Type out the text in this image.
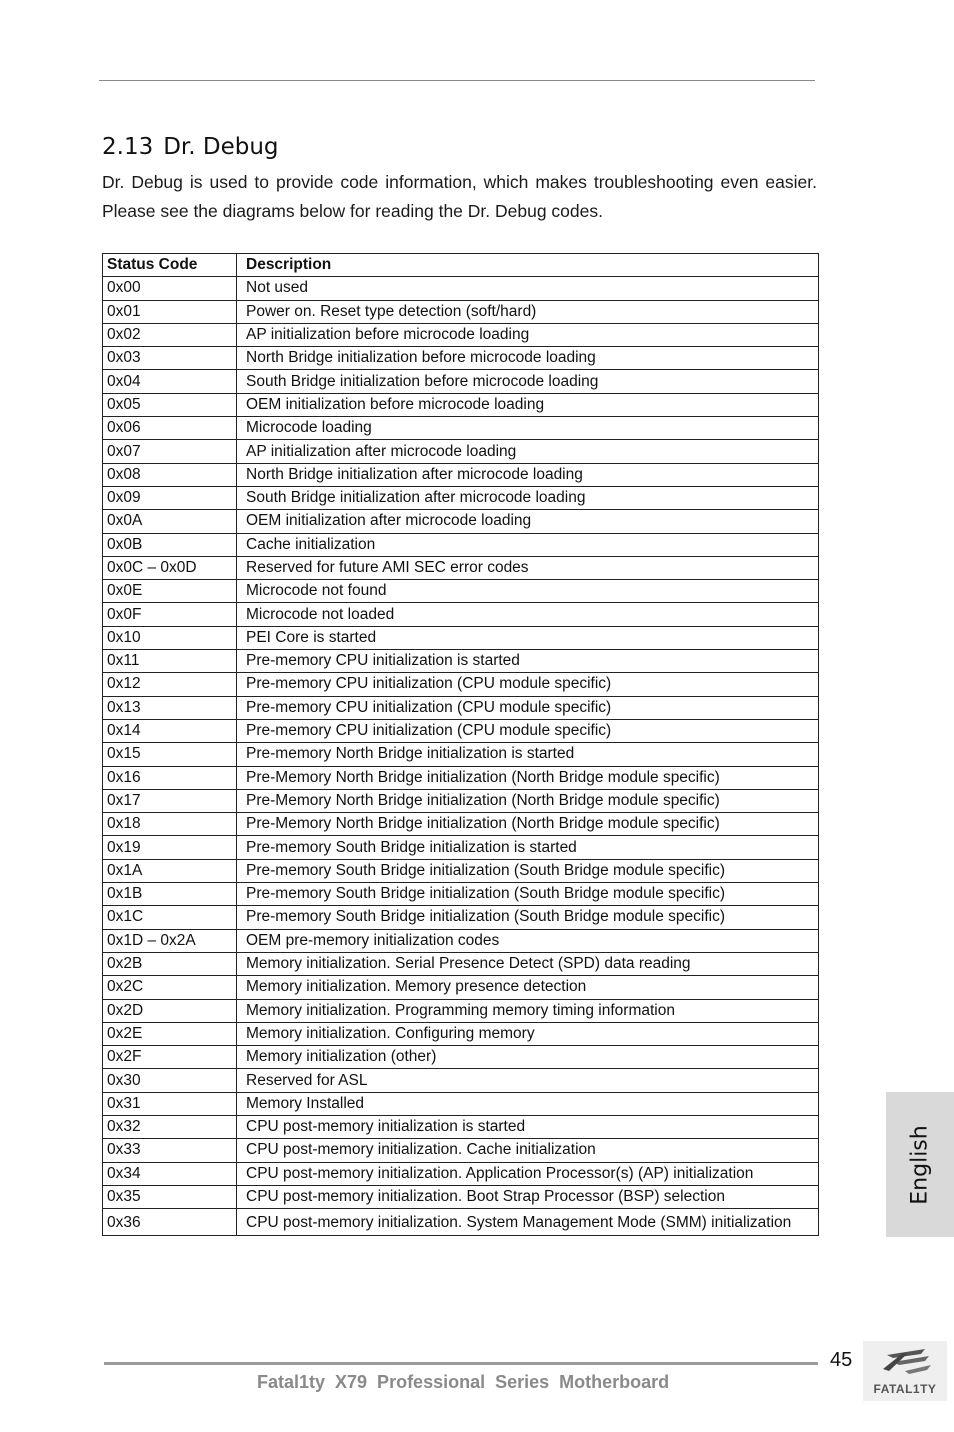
2.13 Dr. Debug

Dr. Debug is used to provide code information, which makes troubleshooting even easier. Please see the diagrams below for reading the Dr. Debug codes.

Status Code	Description
0x00	Not used
0x01	Power on. Reset type detection (soft/hard)
0x02	AP initialization before microcode loading
0x03	North Bridge initialization before microcode loading
0x04	South Bridge initialization before microcode loading
0x05	OEM initialization before microcode loading
0x06	Microcode loading
0x07	AP initialization after microcode loading
0x08	North Bridge initialization after microcode loading
0x09	South Bridge initialization after microcode loading
0x0A	OEM initialization after microcode loading
0x0B	Cache initialization
0x0C – 0x0D	Reserved for future AMI SEC error codes
0x0E	Microcode not found
0x0F	Microcode not loaded
0x10	PEI Core is started
0x11	Pre-memory CPU initialization is started
0x12	Pre-memory CPU initialization (CPU module specific)
0x13	Pre-memory CPU initialization (CPU module specific)
0x14	Pre-memory CPU initialization (CPU module specific)
0x15	Pre-memory North Bridge initialization is started
0x16	Pre-Memory North Bridge initialization (North Bridge module specific)
0x17	Pre-Memory North Bridge initialization (North Bridge module specific)
0x18	Pre-Memory North Bridge initialization (North Bridge module specific)
0x19	Pre-memory South Bridge initialization is started
0x1A	Pre-memory South Bridge initialization (South Bridge module specific)
0x1B	Pre-memory South Bridge initialization (South Bridge module specific)
0x1C	Pre-memory South Bridge initialization (South Bridge module specific)
0x1D – 0x2A	OEM pre-memory initialization codes
0x2B	Memory initialization. Serial Presence Detect (SPD) data reading
0x2C	Memory initialization. Memory presence detection
0x2D	Memory initialization. Programming memory timing information
0x2E	Memory initialization. Configuring memory
0x2F	Memory initialization (other)
0x30	Reserved for ASL
0x31	Memory Installed
0x32	CPU post-memory initialization is started
0x33	CPU post-memory initialization. Cache initialization
0x34	CPU post-memory initialization. Application Processor(s) (AP) initialization
0x35	CPU post-memory initialization. Boot Strap Processor (BSP) selection
0x36	CPU post-memory initialization. System Management Mode (SMM) initialization
English
45
Fatal1ty X79 Professional Series Motherboard	FATAL1TY
